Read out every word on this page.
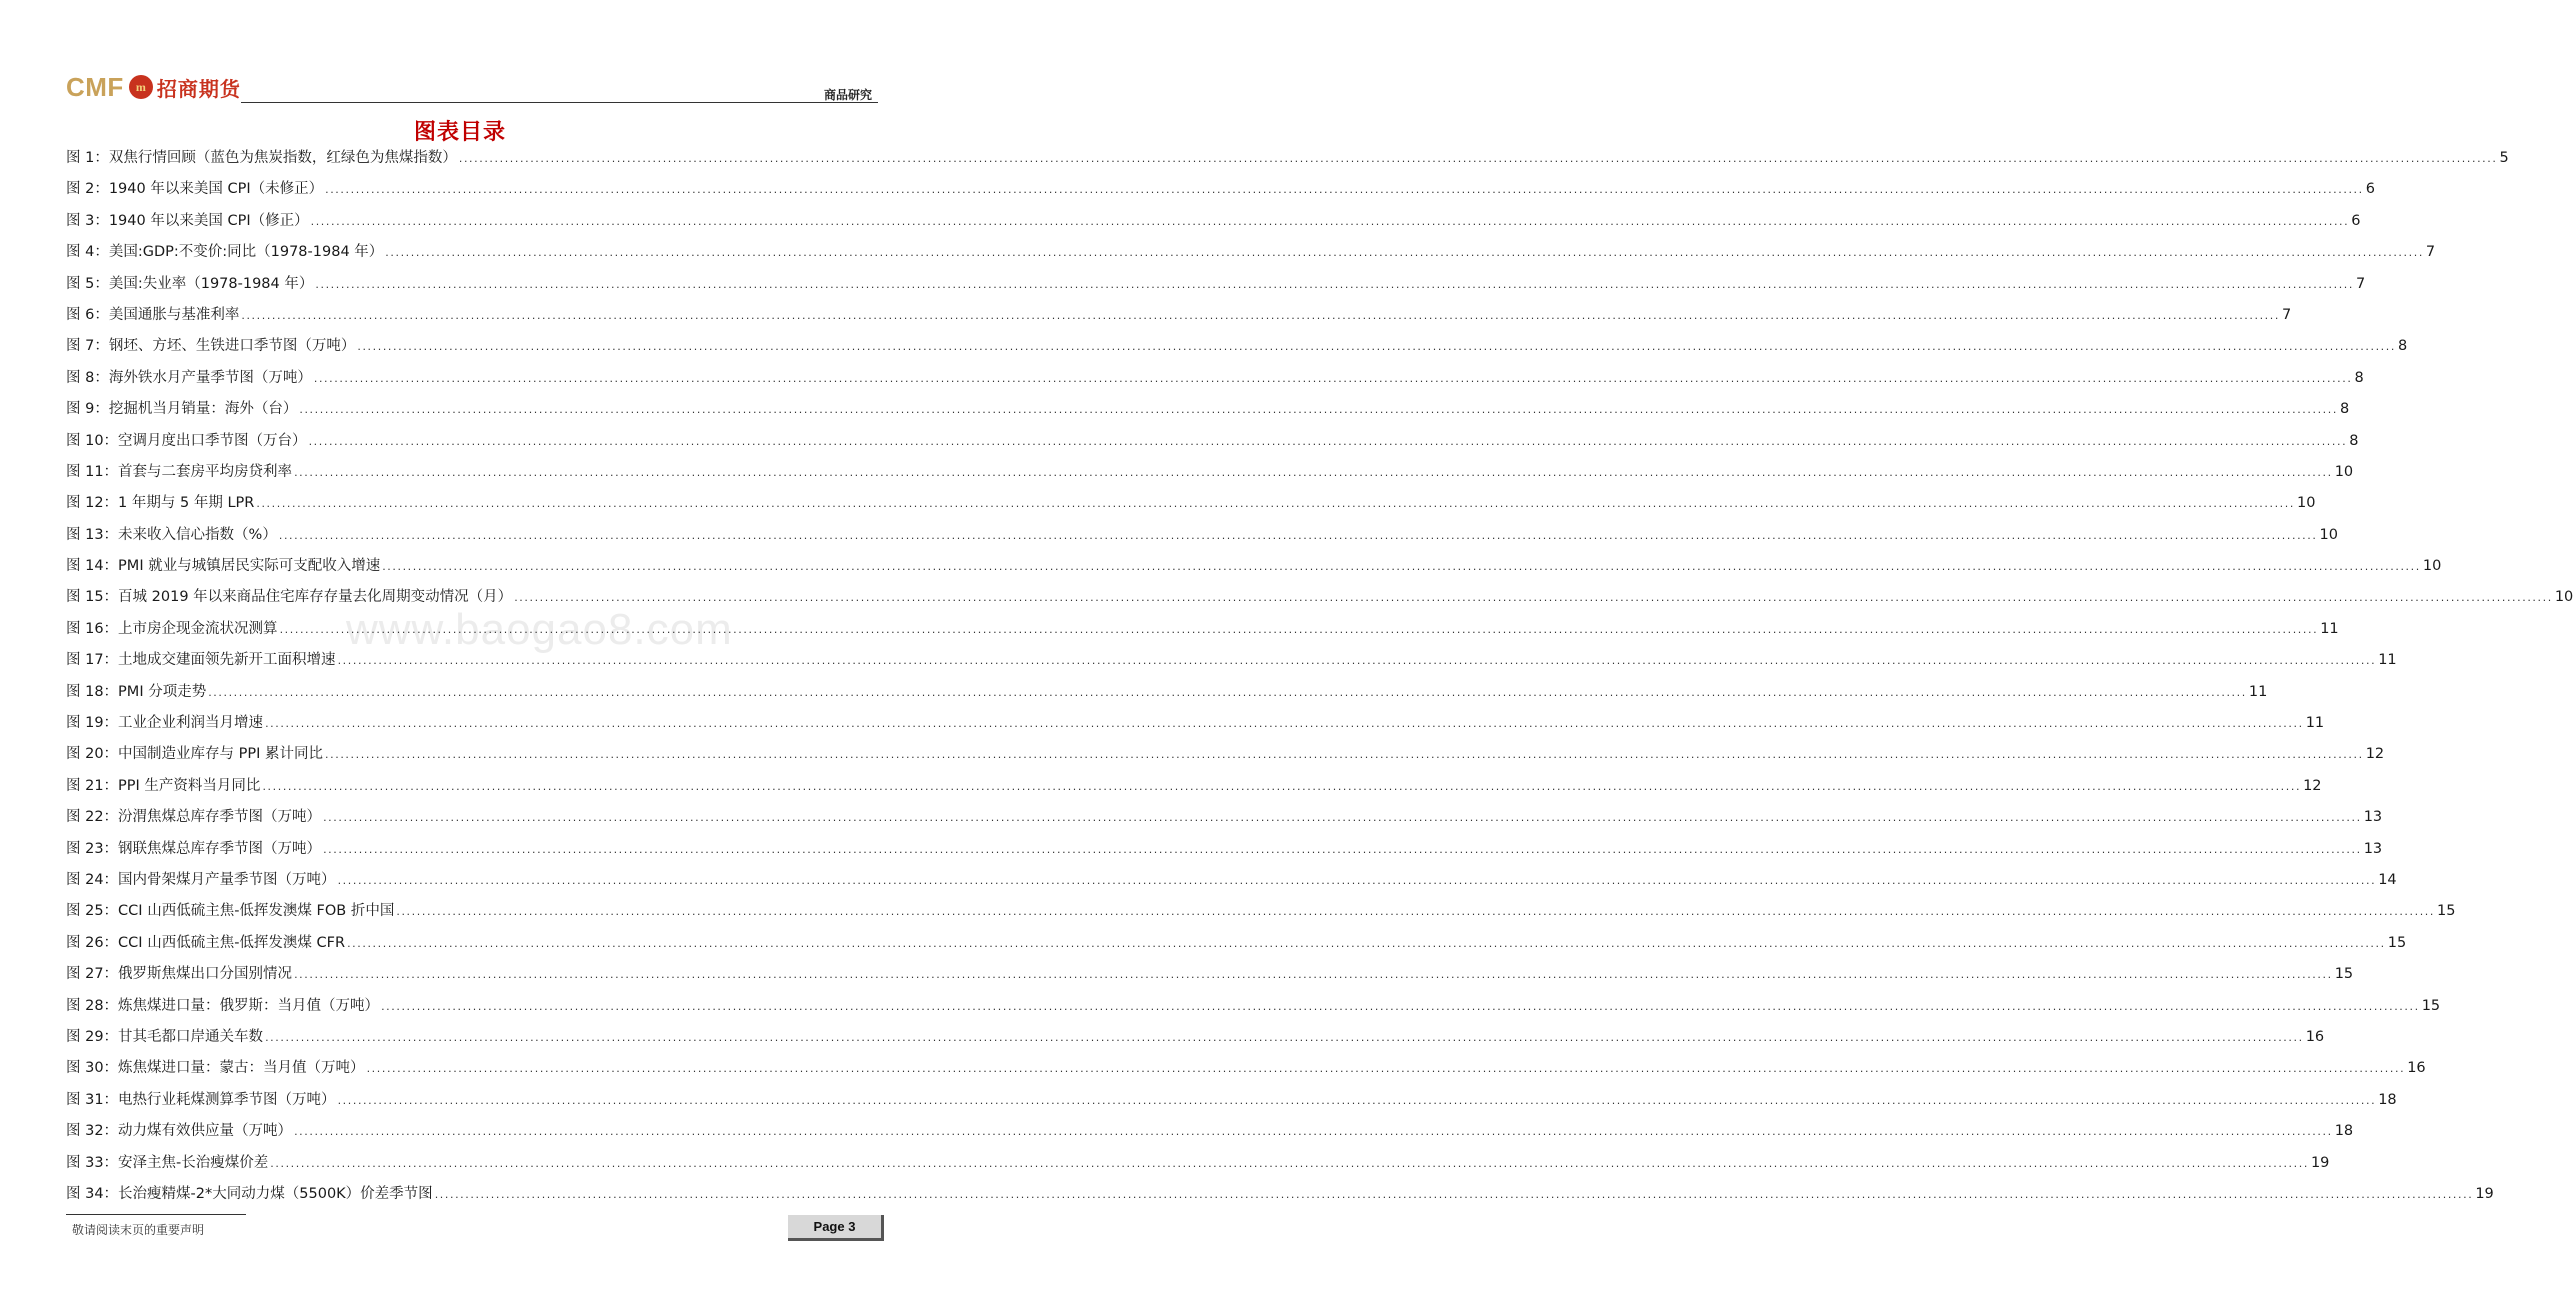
CMF	m 招商期货	商品研究
图表目录
www.baogao8.com
图 1：双焦行情回顾（蓝色为焦炭指数，红绿色为焦煤指数） ................................................................................................................................................................................................................................................................................................................................................................................................................ 5
图 2：1940 年以来美国 CPI（未修正） ................................................................................................................................................................................................................................................................................................................................................................................................................ 6
图 3：1940 年以来美国 CPI（修正） ................................................................................................................................................................................................................................................................................................................................................................................................................ 6
图 4：美国:GDP:不变价:同比（1978-1984 年） ................................................................................................................................................................................................................................................................................................................................................................................................................ 7
图 5：美国:失业率（1978-1984 年） ................................................................................................................................................................................................................................................................................................................................................................................................................ 7
图 6：美国通胀与基准利率 ................................................................................................................................................................................................................................................................................................................................................................................................................ 7
图 7：钢坯、方坯、生铁进口季节图（万吨） ................................................................................................................................................................................................................................................................................................................................................................................................................ 8
图 8：海外铁水月产量季节图（万吨） ................................................................................................................................................................................................................................................................................................................................................................................................................ 8
图 9：挖掘机当月销量：海外（台） ................................................................................................................................................................................................................................................................................................................................................................................................................ 8
图 10：空调月度出口季节图（万台） ................................................................................................................................................................................................................................................................................................................................................................................................................ 8
图 11：首套与二套房平均房贷利率 ................................................................................................................................................................................................................................................................................................................................................................................................................ 10
图 12：1 年期与 5 年期 LPR ................................................................................................................................................................................................................................................................................................................................................................................................................ 10
图 13：未来收入信心指数（%） ................................................................................................................................................................................................................................................................................................................................................................................................................ 10
图 14：PMI 就业与城镇居民实际可支配收入增速 ................................................................................................................................................................................................................................................................................................................................................................................................................ 10
图 15：百城 2019 年以来商品住宅库存存量去化周期变动情况（月） ................................................................................................................................................................................................................................................................................................................................................................................................................ 10
图 16：上市房企现金流状况测算 ................................................................................................................................................................................................................................................................................................................................................................................................................ 11
图 17：土地成交建面领先新开工面积增速 ................................................................................................................................................................................................................................................................................................................................................................................................................ 11
图 18：PMI 分项走势 ................................................................................................................................................................................................................................................................................................................................................................................................................ 11
图 19：工业企业利润当月增速 ................................................................................................................................................................................................................................................................................................................................................................................................................ 11
图 20：中国制造业库存与 PPI 累计同比 ................................................................................................................................................................................................................................................................................................................................................................................................................ 12
图 21：PPI 生产资料当月同比 ................................................................................................................................................................................................................................................................................................................................................................................................................ 12
图 22：汾渭焦煤总库存季节图（万吨） ................................................................................................................................................................................................................................................................................................................................................................................................................ 13
图 23：钢联焦煤总库存季节图（万吨） ................................................................................................................................................................................................................................................................................................................................................................................................................ 13
图 24：国内骨架煤月产量季节图（万吨） ................................................................................................................................................................................................................................................................................................................................................................................................................ 14
图 25：CCI 山西低硫主焦-低挥发澳煤 FOB 折中国 ................................................................................................................................................................................................................................................................................................................................................................................................................ 15
图 26：CCI 山西低硫主焦-低挥发澳煤 CFR ................................................................................................................................................................................................................................................................................................................................................................................................................ 15
图 27：俄罗斯焦煤出口分国别情况 ................................................................................................................................................................................................................................................................................................................................................................................................................ 15
图 28：炼焦煤进口量：俄罗斯：当月值（万吨） ................................................................................................................................................................................................................................................................................................................................................................................................................ 15
图 29：甘其毛都口岸通关车数 ................................................................................................................................................................................................................................................................................................................................................................................................................ 16
图 30：炼焦煤进口量：蒙古：当月值（万吨） ................................................................................................................................................................................................................................................................................................................................................................................................................ 16
图 31：电热行业耗煤测算季节图（万吨） ................................................................................................................................................................................................................................................................................................................................................................................................................ 18
图 32：动力煤有效供应量（万吨） ................................................................................................................................................................................................................................................................................................................................................................................................................ 18
图 33：安泽主焦-长治瘦煤价差 ................................................................................................................................................................................................................................................................................................................................................................................................................ 19
图 34：长治瘦精煤-2*大同动力煤（5500K）价差季节图 ................................................................................................................................................................................................................................................................................................................................................................................................................ 19
敬请阅读末页的重要声明	Page 3
